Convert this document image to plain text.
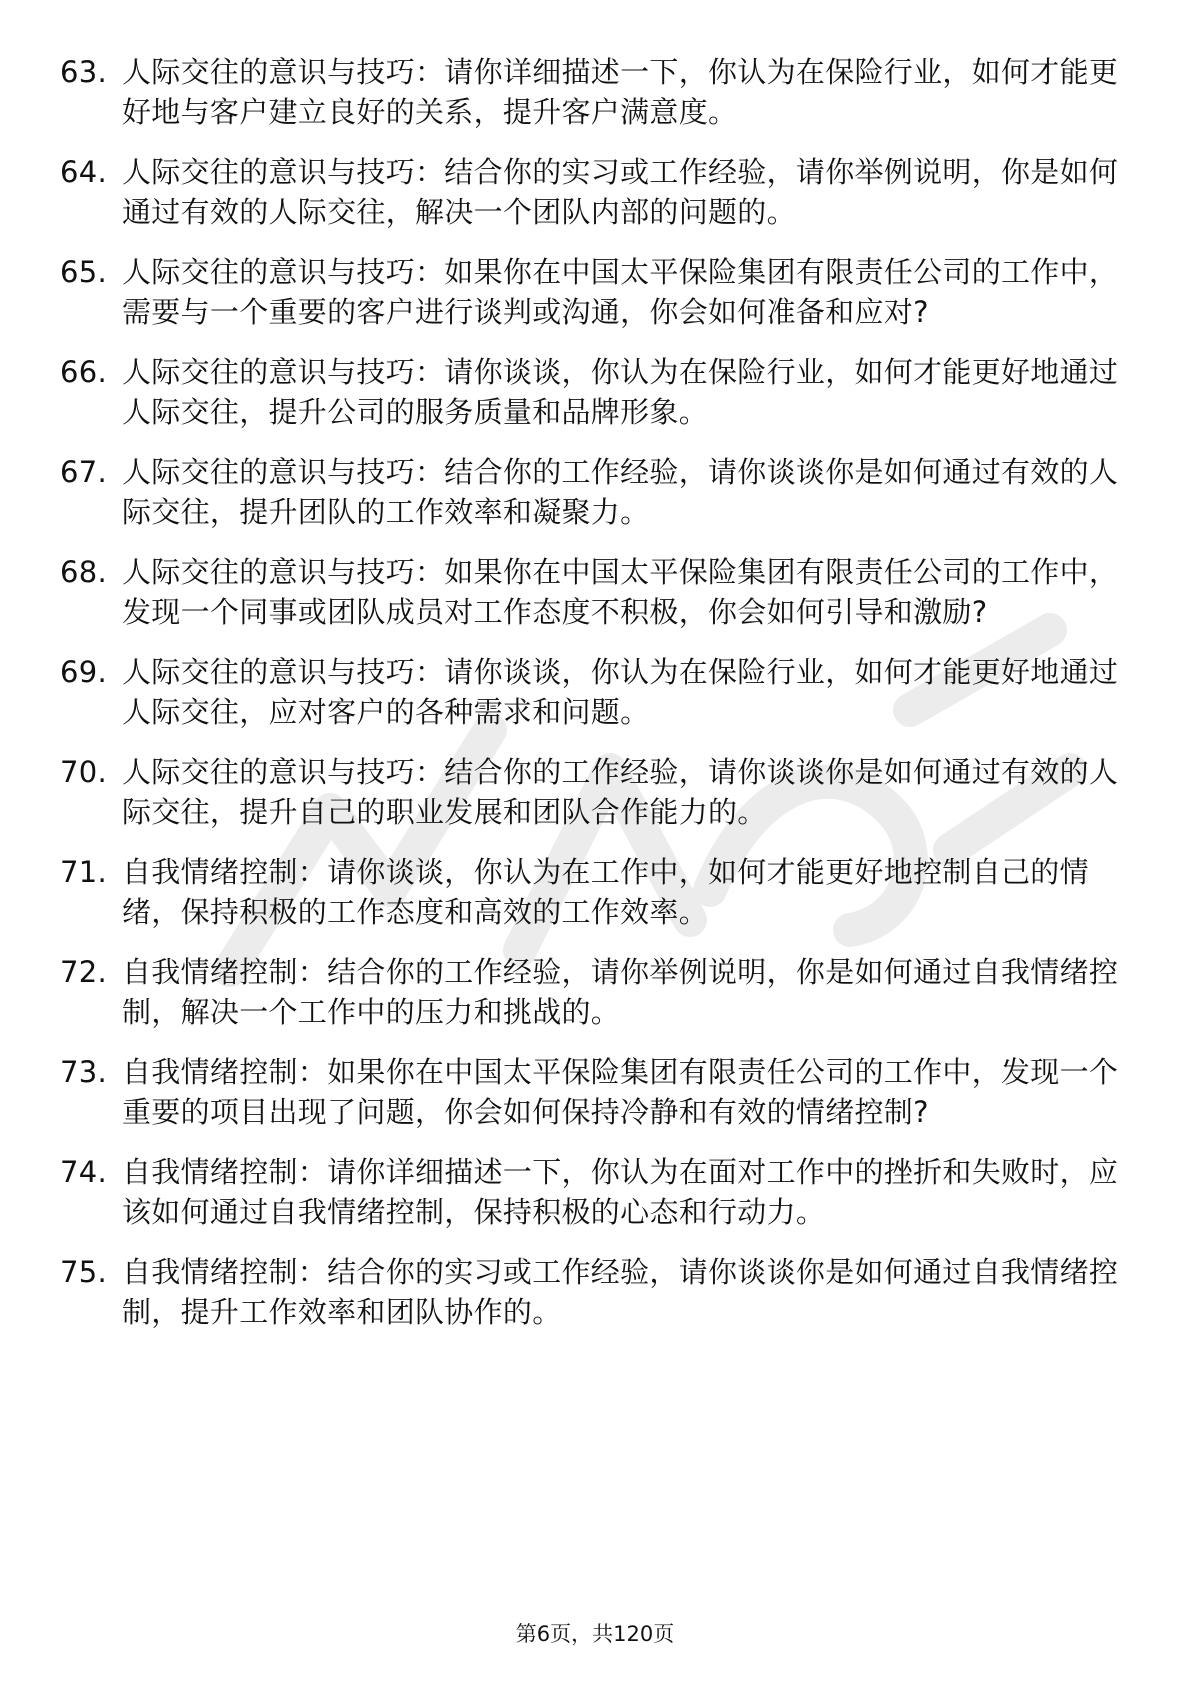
63. 人际交往的意识与技巧：请你详细描述一下，你认为在保险行业，如何才能更好地与客户建立良好的关系，提升客户满意度。
64. 人际交往的意识与技巧：结合你的实习或工作经验，请你举例说明，你是如何通过有效的人际交往，解决一个团队内部的问题的。
65. 人际交往的意识与技巧：如果你在中国太平保险集团有限责任公司的工作中，需要与一个重要的客户进行谈判或沟通，你会如何准备和应对?
66. 人际交往的意识与技巧：请你谈谈，你认为在保险行业，如何才能更好地通过人际交往，提升公司的服务质量和品牌形象。
67. 人际交往的意识与技巧：结合你的工作经验，请你谈谈你是如何通过有效的人际交往，提升团队的工作效率和凝聚力。
68. 人际交往的意识与技巧：如果你在中国太平保险集团有限责任公司的工作中，发现一个同事或团队成员对工作态度不积极，你会如何引导和激励?
69. 人际交往的意识与技巧：请你谈谈，你认为在保险行业，如何才能更好地通过人际交往，应对客户的各种需求和问题。
70. 人际交往的意识与技巧：结合你的工作经验，请你谈谈你是如何通过有效的人际交往，提升自己的职业发展和团队合作能力的。
71. 自我情绪控制：请你谈谈，你认为在工作中，如何才能更好地控制自己的情绪，保持积极的工作态度和高效的工作效率。
72. 自我情绪控制：结合你的工作经验，请你举例说明，你是如何通过自我情绪控制，解决一个工作中的压力和挑战的。
73. 自我情绪控制：如果你在中国太平保险集团有限责任公司的工作中，发现一个重要的项目出现了问题，你会如何保持冷静和有效的情绪控制?
74. 自我情绪控制：请你详细描述一下，你认为在面对工作中的挫折和失败时，应该如何通过自我情绪控制，保持积极的心态和行动力。
75. 自我情绪控制：结合你的实习或工作经验，请你谈谈你是如何通过自我情绪控制，提升工作效率和团队协作的。
第6页，共120页
